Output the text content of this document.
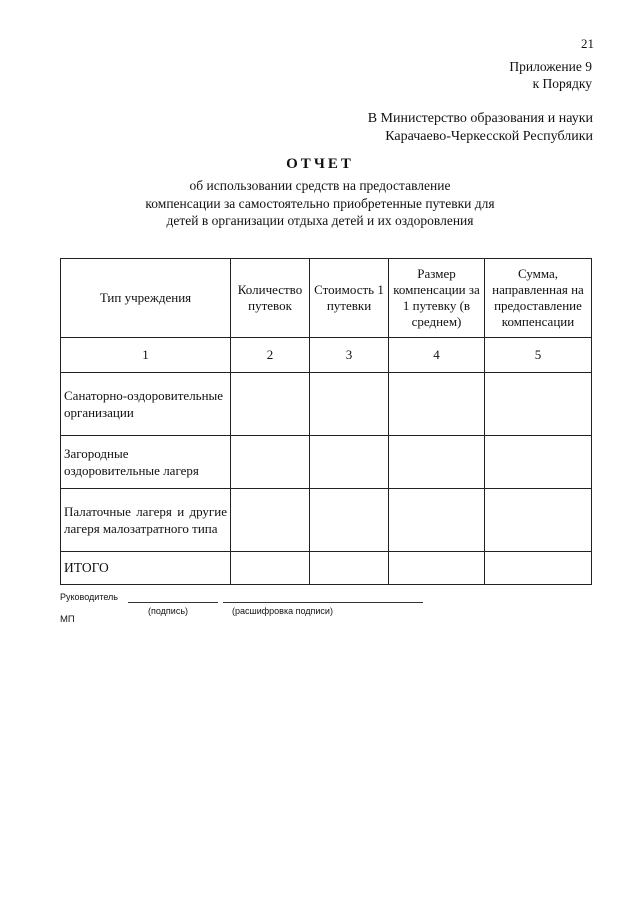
21
Приложение 9
к Порядку
В Министерство образования и науки
Карачаево-Черкесской Республики
ОТЧЕТ
об использовании средств на предоставление
компенсации за самостоятельно приобретенные путевки для
детей в организации отдыха детей и их оздоровления
Тип учреждения	Количество путевок	Стоимость 1 путевки	Размер компенсации за 1 путевку (в среднем)	Сумма, направленная на предоставление компенсации
1	2	3	4	5
Санаторно-оздоровительные организации				
Загородные оздоровительные лагеря				
Палаточные лагеря и другие лагеря малозатратного типа				
ИТОГО				
Руководитель
(подпись)	(расшифровка подписи)
МП
